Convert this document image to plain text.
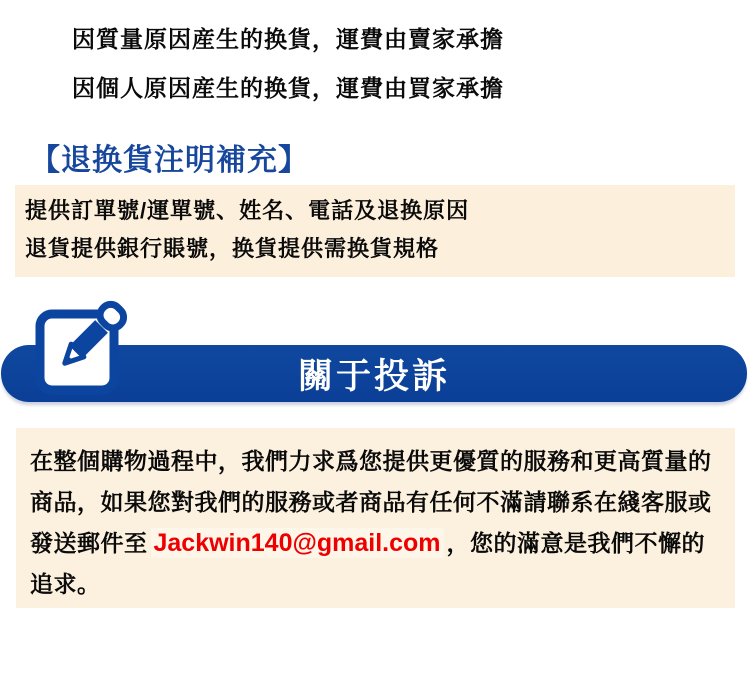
因質量原因産生的换貨，運費由賣家承擔
因個人原因産生的换貨，運費由買家承擔
【退换貨注明補充】
提供訂單號/運單號、姓名、電話及退换原因
退貨提供銀行賬號，换貨提供需换貨規格
關于投訴
在整個購物過程中，我們力求爲您提供更優質的服務和更高質量的商品，如果您對我們的服務或者商品有任何不滿請聯系在綫客服或發送郵件至 Jackwin140@gmail.com ，您的滿意是我們不懈的追求。
